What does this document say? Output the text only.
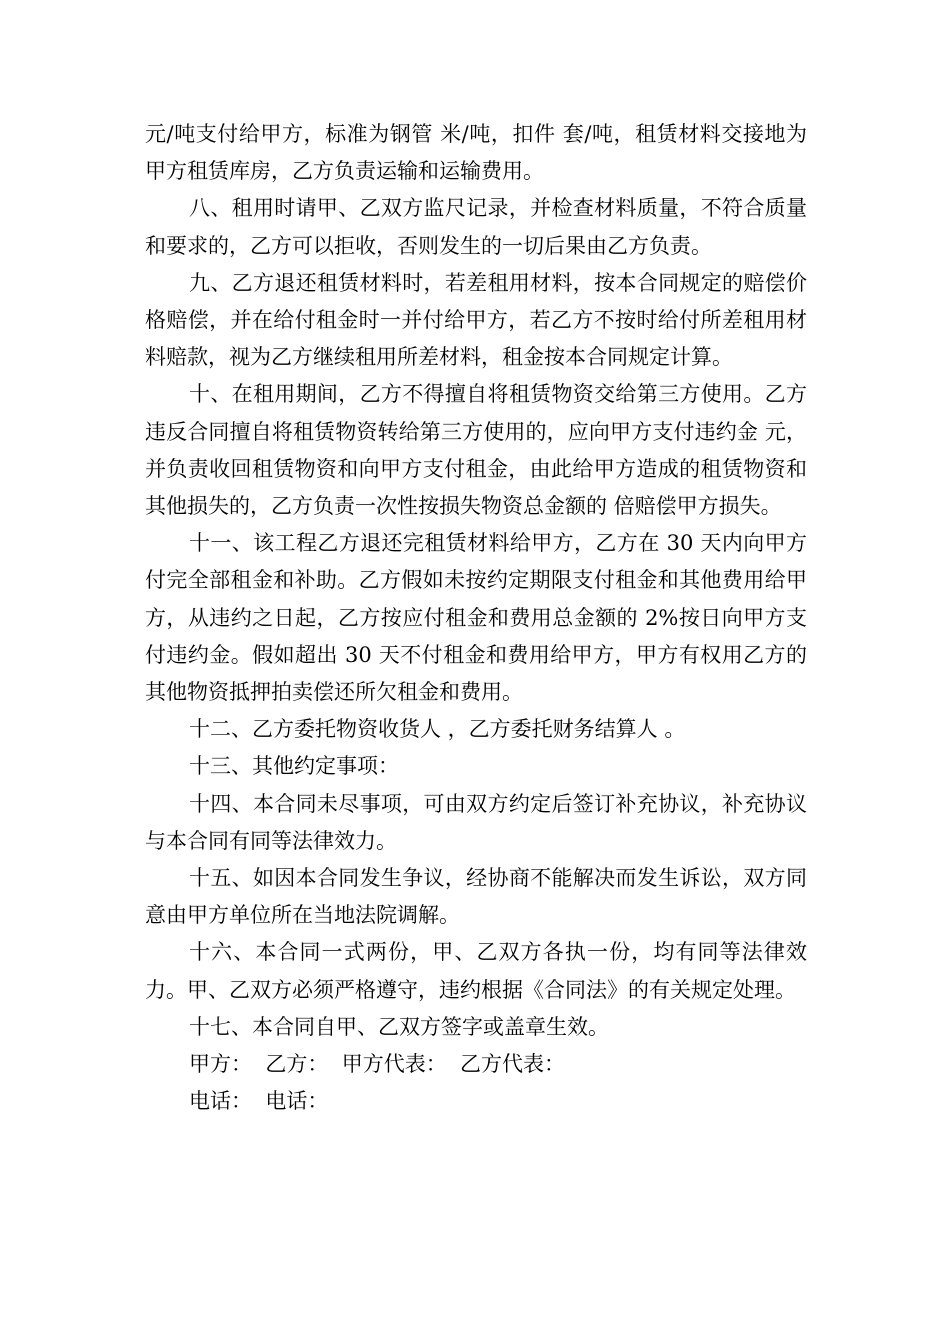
元/吨支付给甲方，标准为钢管 米/吨，扣件 套/吨，租赁材料交接地为甲方租赁库房，乙方负责运输和运输费用。

八、租用时请甲、乙双方监尺记录，并检查材料质量，不符合质量和要求的，乙方可以拒收，否则发生的一切后果由乙方负责。

九、乙方退还租赁材料时，若差租用材料，按本合同规定的赔偿价格赔偿，并在给付租金时一并付给甲方，若乙方不按时给付所差租用材料赔款，视为乙方继续租用所差材料，租金按本合同规定计算。

十、在租用期间，乙方不得擅自将租赁物资交给第三方使用。乙方违反合同擅自将租赁物资转给第三方使用的，应向甲方支付违约金 元，并负责收回租赁物资和向甲方支付租金，由此给甲方造成的租赁物资和其他损失的，乙方负责一次性按损失物资总金额的 倍赔偿甲方损失。

十一、该工程乙方退还完租赁材料给甲方，乙方在 30 天内向甲方付完全部租金和补助。乙方假如未按约定期限支付租金和其他费用给甲方，从违约之日起，乙方按应付租金和费用总金额的 2%按日向甲方支付违约金。假如超出 30 天不付租金和费用给甲方，甲方有权用乙方的其他物资抵押拍卖偿还所欠租金和费用。

十二、乙方委托物资收货人 ，乙方委托财务结算人 。

十三、其他约定事项：

十四、本合同未尽事项，可由双方约定后签订补充协议，补充协议与本合同有同等法律效力。

十五、如因本合同发生争议，经协商不能解决而发生诉讼，双方同意由甲方单位所在当地法院调解。

十六、本合同一式两份，甲、乙双方各执一份，均有同等法律效力。甲、乙双方必须严格遵守，违约根据《合同法》的有关规定处理。

十七、本合同自甲、乙双方签字或盖章生效。

甲方：  乙方：  甲方代表：  乙方代表：

电话：  电话：
